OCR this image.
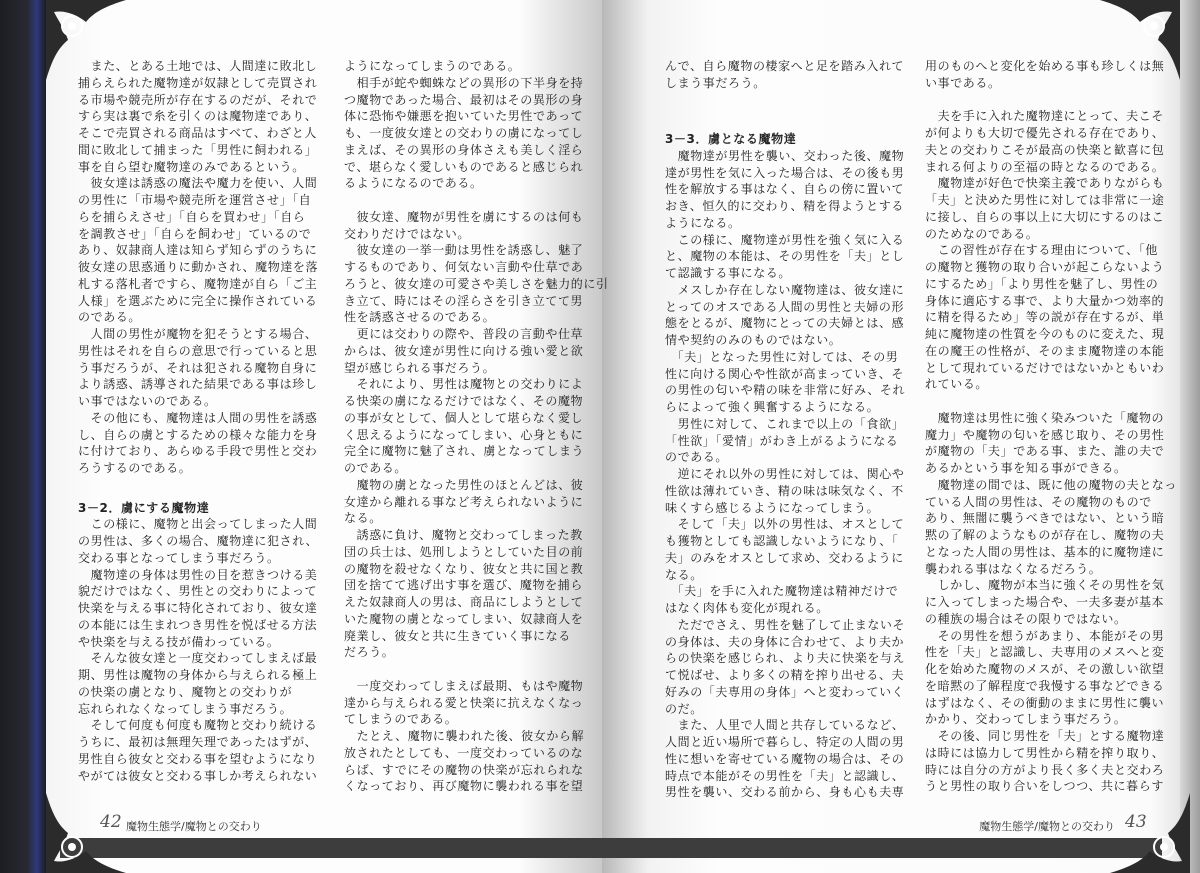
　また、とある土地では、人間達に敗北し
捕らえられた魔物達が奴隷として売買され
る市場や競売所が存在するのだが、それで
すら実は裏で糸を引くのは魔物達であり、
そこで売買される商品はすべて、わざと人
間に敗北して捕まった「男性に飼われる」
事を自ら望む魔物達のみであるという。
　彼女達は誘惑の魔法や魔力を使い、人間
の男性に「市場や競売所を運営させ」「自
らを捕らえさせ」「自らを買わせ」「自ら
を調教させ」「自らを飼わせ」ているので
あり、奴隷商人達は知らず知らずのうちに
彼女達の思惑通りに動かされ、魔物達を落
札する落札者ですら、魔物達が自ら「ご主
人様」を選ぶために完全に操作されている
のである。
　人間の男性が魔物を犯そうとする場合、
男性はそれを自らの意思で行っていると思
う事だろうが、それは犯される魔物自身に
より誘惑、誘導された結果である事は珍し
い事ではないのである。
　その他にも、魔物達は人間の男性を誘惑
し、自らの虜とするための様々な能力を身
に付けており、あらゆる手段で男性と交わ
ろうするのである。
3－2．虜にする魔物達
　この様に、魔物と出会ってしまった人間
の男性は、多くの場合、魔物達に犯され、
交わる事となってしまう事だろう。
　魔物達の身体は男性の目を惹きつける美
貌だけではなく、男性との交わりによって
快楽を与える事に特化されており、彼女達
の本能には生まれつき男性を悦ばせる方法
や快楽を与える技が備わっている。
　そんな彼女達と一度交わってしまえば最
期、男性は魔物の身体から与えられる極上
の快楽の虜となり、魔物との交わりが
忘れられなくなってしまう事だろう。
　そして何度も何度も魔物と交わり続ける
うちに、最初は無理矢理であったはずが、
男性自ら彼女と交わる事を望むようになり
やがては彼女と交わる事しか考えられない
ようになってしまうのである。
　相手が蛇や蜘蛛などの異形の下半身を持
つ魔物であった場合、最初はその異形の身
体に恐怖や嫌悪を抱いていた男性であって
も、一度彼女達との交わりの虜になってし
まえば、その異形の身体さえも美しく淫ら
で、堪らなく愛しいものであると感じられ
るようになるのである。
　彼女達、魔物が男性を虜にするのは何も
交わりだけではない。
　彼女達の一挙一動は男性を誘惑し、魅了
するものであり、何気ない言動や仕草であ
ろうと、彼女達の可愛さや美しさを魅力的に引
き立て、時にはその淫らさを引き立てて男
性を誘惑させるのである。
　更には交わりの際や、普段の言動や仕草
からは、彼女達が男性に向ける強い愛と欲
望が感じられる事だろう。
　それにより、男性は魔物との交わりによ
る快楽の虜になるだけではなく、その魔物
の事が女として、個人として堪らなく愛し
く思えるようになってしまい、心身ともに
完全に魔物に魅了され、虜となってしまう
のである。
　魔物の虜となった男性のほとんどは、彼
女達から離れる事など考えられないように
なる。
　誘惑に負け、魔物と交わってしまった教
団の兵士は、処刑しようとしていた目の前
の魔物を殺せなくなり、彼女と共に国と教
団を捨てて逃げ出す事を選び、魔物を捕ら
えた奴隷商人の男は、商品にしようとして
いた魔物の虜となってしまい、奴隷商人を
廃業し、彼女と共に生きていく事になる
だろう。
　一度交わってしまえば最期、もはや魔物
達から与えられる愛と快楽に抗えなくなっ
てしまうのである。
　たとえ、魔物に襲われた後、彼女から解
放されたとしても、一度交わっているのな
らば、すでにその魔物の快楽が忘れられな
くなっており、再び魔物に襲われる事を望
んで、自ら魔物の棲家へと足を踏み入れて
しまう事だろう。
3－3．虜となる魔物達
　魔物達が男性を襲い、交わった後、魔物
達が男性を気に入った場合は、その後も男
性を解放する事はなく、自らの傍に置いて
おき、恒久的に交わり、精を得ようとする
ようになる。
　この様に、魔物達が男性を強く気に入る
と、魔物の本能は、その男性を「夫」とし
て認識する事になる。
　メスしか存在しない魔物達は、彼女達に
とってのオスである人間の男性と夫婦の形
態をとるが、魔物にとっての夫婦とは、感
情や契約のみのものではない。
　「夫」となった男性に対しては、その男
性に向ける関心や性欲が高まっていき、そ
の男性の匂いや精の味を非常に好み、それ
らによって強く興奮するようになる。
　男性に対して、これまで以上の「食欲」
「性欲」「愛情」がわき上がるようになる
のである。
　逆にそれ以外の男性に対しては、関心や
性欲は薄れていき、精の味は味気なく、不
味くすら感じるようになってしまう。
　そして「夫」以外の男性は、オスとして
も獲物としても認識しないようになり、「
夫」のみをオスとして求め、交わるように
なる。
　「夫」を手に入れた魔物達は精神だけで
はなく肉体も変化が現れる。
　ただでさえ、男性を魅了して止まないそ
の身体は、夫の身体に合わせて、より夫か
らの快楽を感じられ、より夫に快楽を与え
て悦ばせ、より多くの精を搾り出せる、夫
好みの「夫専用の身体」へと変わっていく
のだ。
　また、人里で人間と共存しているなど、
人間と近い場所で暮らし、特定の人間の男
性に想いを寄せている魔物の場合は、その
時点で本能がその男性を「夫」と認識し、
男性を襲い、交わる前から、身も心も夫専
用のものへと変化を始める事も珍しくは無
い事である。
　夫を手に入れた魔物達にとって、夫こそ
が何よりも大切で優先される存在であり、
夫との交わりこそが最高の快楽と歓喜に包
まれる何よりの至福の時となるのである。
　魔物達が好色で快楽主義でありながらも
「夫」と決めた男性に対しては非常に一途
に接し、自らの事以上に大切にするのはこ
のためなのである。
　この習性が存在する理由について、「他
の魔物と獲物の取り合いが起こらないよう
にするため」「より男性を魅了し、男性の
身体に適応する事で、より大量かつ効率的
に精を得るため」等の説が存在するが、単
純に魔物達の性質を今のものに変えた、現
在の魔王の性格が、そのまま魔物達の本能
として現れているだけではないかともいわ
れている。
　魔物達は男性に強く染みついた「魔物の
魔力」や魔物の匂いを感じ取り、その男性
が魔物の「夫」である事、また、誰の夫で
あるかという事を知る事ができる。
　魔物達の間では、既に他の魔物の夫となっ
ている人間の男性は、その魔物のもので
あり、無闇に襲うべきではない、という暗
黙の了解のようなものが存在し、魔物の夫
となった人間の男性は、基本的に魔物達に
襲われる事はなくなるだろう。
　しかし、魔物が本当に強くその男性を気
に入ってしまった場合や、一夫多妻が基本
の種族の場合はその限りではない。
　その男性を想うがあまり、本能がその男
性を「夫」と認識し、夫専用のメスへと変
化を始めた魔物のメスが、その激しい欲望
を暗黙の了解程度で我慢する事などできる
はずはなく、その衝動のままに男性に襲い
かかり、交わってしまう事だろう。
　その後、同じ男性を「夫」とする魔物達
は時には協力して男性から精を搾り取り、
時には自分の方がより長く多く夫と交わろ
うと男性の取り合いをしつつ、共に暮らす
42 魔物生態学/魔物との交わり	魔物生態学/魔物との交わり 43
